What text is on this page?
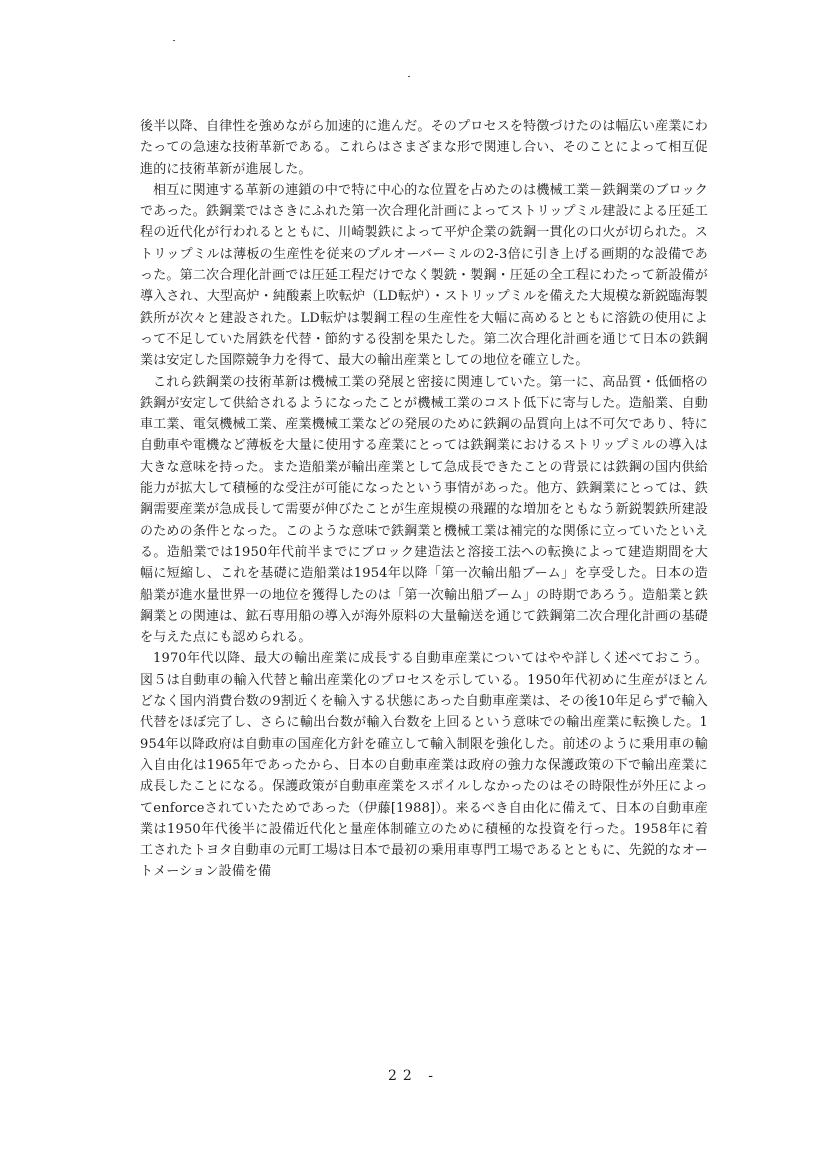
後半以降、自律性を強めながら加速的に進んだ。そのプロセスを特徴づけたのは幅広い産業にわたっての急速な技術革新である。これらはさまざまな形で関連し合い、そのことによって相互促進的に技術革新が進展した。

相互に関連する革新の連鎖の中で特に中心的な位置を占めたのは機械工業－鉄鋼業のブロックであった。鉄鋼業ではさきにふれた第一次合理化計画によってストリップミル建設による圧延工程の近代化が行われるとともに、川崎製鉄によって平炉企業の銑鋼一貫化の口火が切られた。ストリップミルは薄板の生産性を従来のプルオーバーミルの2-3倍に引き上げる画期的な設備であった。第二次合理化計画では圧延工程だけでなく製銑・製鋼・圧延の全工程にわたって新設備が導入され、大型高炉・純酸素上吹転炉（LD転炉）・ストリップミルを備えた大規模な新鋭臨海製鉄所が次々と建設された。LD転炉は製鋼工程の生産性を大幅に高めるとともに溶銑の使用によって不足していた屑鉄を代替・節約する役割を果たした。第二次合理化計画を通じて日本の鉄鋼業は安定した国際競争力を得て、最大の輸出産業としての地位を確立した。

これら鉄鋼業の技術革新は機械工業の発展と密接に関連していた。第一に、高品質・低価格の鉄鋼が安定して供給されるようになったことが機械工業のコスト低下に寄与した。造船業、自動車工業、電気機械工業、産業機械工業などの発展のために鉄鋼の品質向上は不可欠であり、特に自動車や電機など薄板を大量に使用する産業にとっては鉄鋼業におけるストリップミルの導入は大きな意味を持った。また造船業が輸出産業として急成長できたことの背景には鉄鋼の国内供給能力が拡大して積極的な受注が可能になったという事情があった。他方、鉄鋼業にとっては、鉄鋼需要産業が急成長して需要が伸びたことが生産規模の飛躍的な増加をともなう新鋭製鉄所建設のための条件となった。このような意味で鉄鋼業と機械工業は補完的な関係に立っていたといえる。造船業では1950年代前半までにブロック建造法と溶接工法への転換によって建造期間を大幅に短縮し、これを基礎に造船業は1954年以降「第一次輸出船ブーム」を享受した。日本の造船業が進水量世界一の地位を獲得したのは「第一次輸出船ブーム」の時期であろう。造船業と鉄鋼業との関連は、鉱石専用船の導入が海外原料の大量輸送を通じて鉄鋼第二次合理化計画の基礎を与えた点にも認められる。

1970年代以降、最大の輸出産業に成長する自動車産業についてはやや詳しく述べておこう。図５は自動車の輸入代替と輸出産業化のプロセスを示している。1950年代初めに生産がほとんどなく国内消費台数の9割近くを輸入する状態にあった自動車産業は、その後10年足らずで輸入代替をほぼ完了し、さらに輸出台数が輸入台数を上回るという意味での輸出産業に転換した。1954年以降政府は自動車の国産化方針を確立して輸入制限を強化した。前述のように乗用車の輸入自由化は1965年であったから、日本の自動車産業は政府の強力な保護政策の下で輸出産業に成長したことになる。保護政策が自動車産業をスポイルしなかったのはその時限性が外圧によってenforceされていたためであった（伊藤[1988]）。来るべき自由化に備えて、日本の自動車産業は1950年代後半に設備近代化と量産体制確立のために積極的な投資を行った。1958年に着工されたトヨタ自動車の元町工場は日本で最初の乗用車専門工場であるとともに、先鋭的なオートメーション設備を備

22 -
